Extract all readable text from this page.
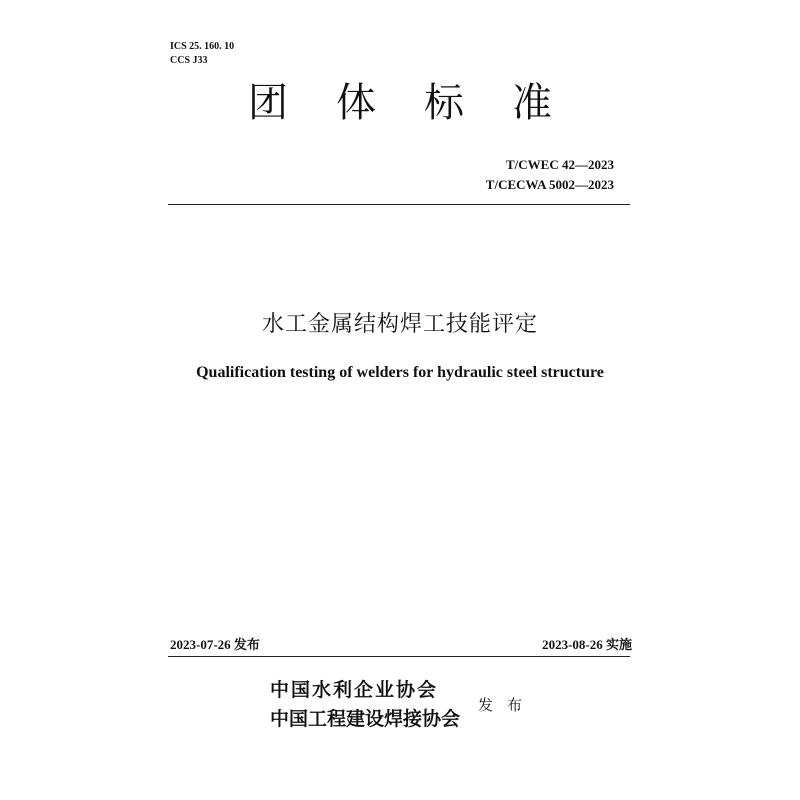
ICS 25. 160. 10
CCS J33
团体标准
T/CWEC 42—2023
T/CECWA 5002—2023
水工金属结构焊工技能评定
Qualification testing of welders for hydraulic steel structure
2023-07-26 发布	2023-08-26 实施
中国水利企业协会
中国工程建设焊接协会
发布
